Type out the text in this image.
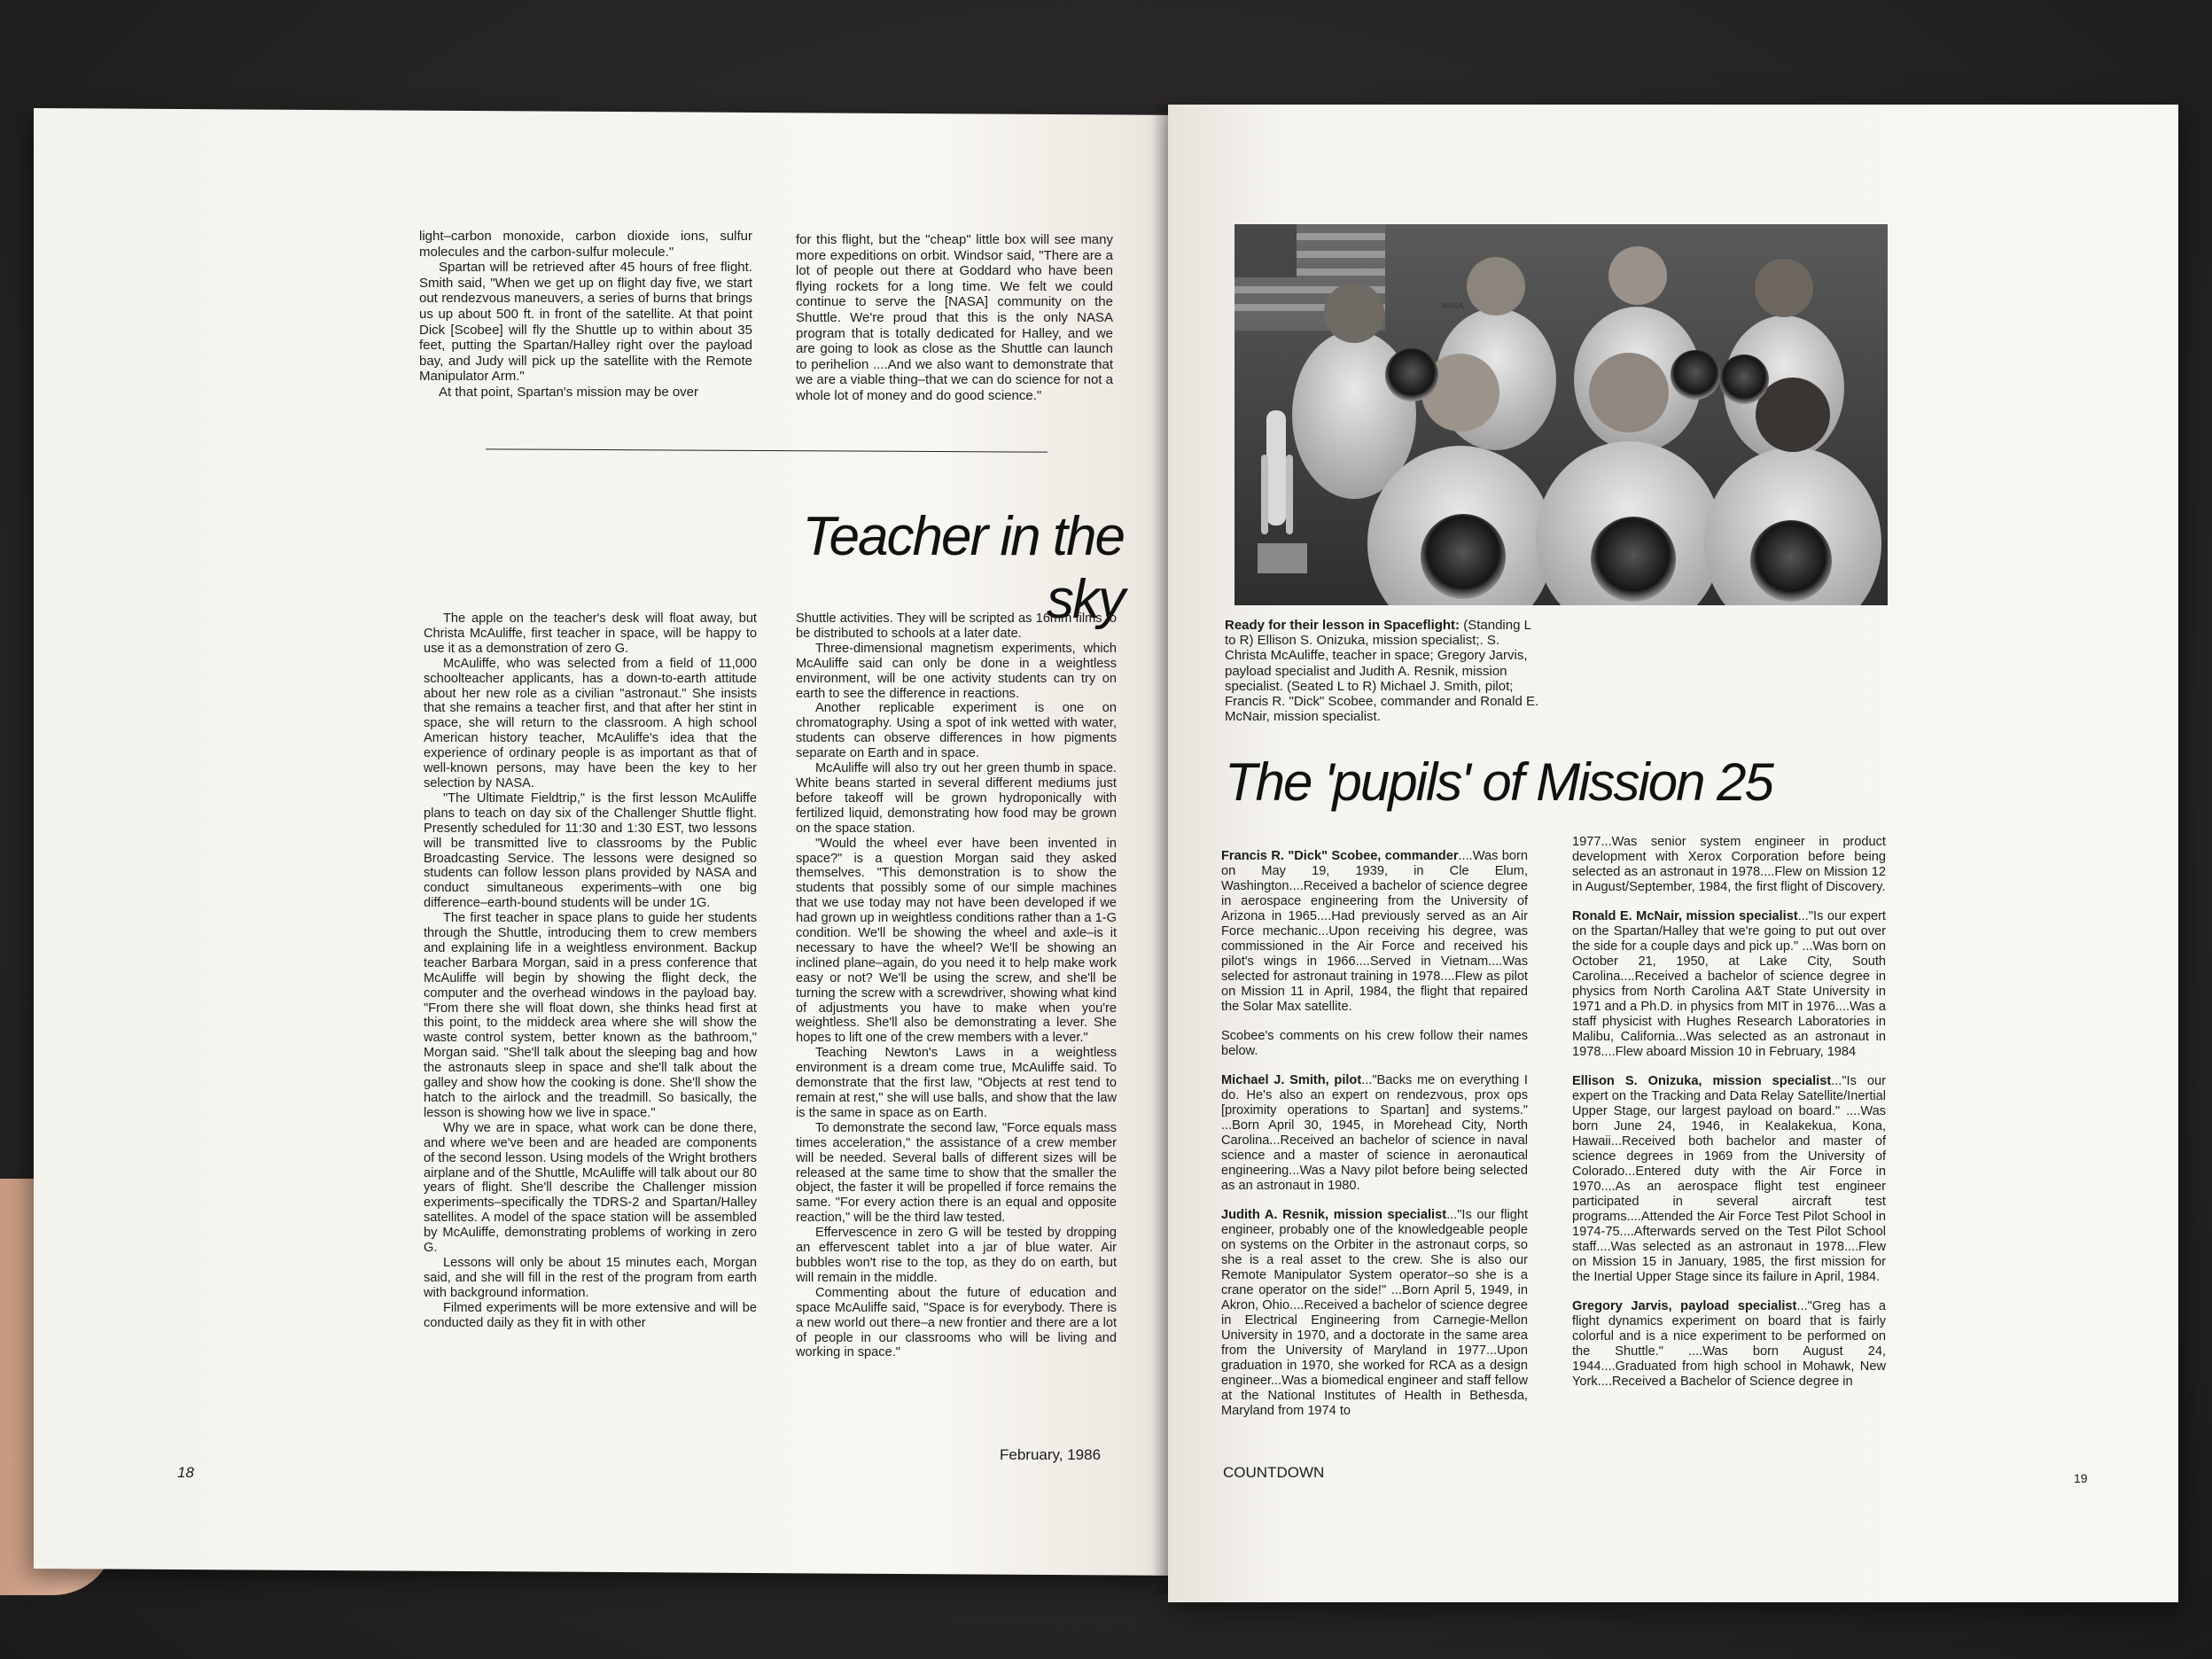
light–carbon monoxide, carbon dioxide ions, sulfur molecules and the carbon-sulfur molecule."

Spartan will be retrieved after 45 hours of free flight. Smith said, "When we get up on flight day five, we start out rendezvous maneuvers, a series of burns that brings us up about 500 ft. in front of the satellite. At that point Dick [Scobee] will fly the Shuttle up to within about 35 feet, putting the Spartan/Halley right over the payload bay, and Judy will pick up the satellite with the Remote Manipulator Arm."

At that point, Spartan's mission may be over

for this flight, but the "cheap" little box will see many more expeditions on orbit. Windsor said, "There are a lot of people out there at Goddard who have been flying rockets for a long time. We felt we could continue to serve the [NASA] community on the Shuttle. We're proud that this is the only NASA program that is totally dedicated for Halley, and we are going to look as close as the Shuttle can launch to perihelion ....And we also want to demonstrate that we are a viable thing–that we can do science for not a whole lot of money and do good science."

Teacher in the sky

The apple on the teacher's desk will float away, but Christa McAuliffe, first teacher in space, will be happy to use it as a demonstration of zero G.

McAuliffe, who was selected from a field of 11,000 schoolteacher applicants, has a down-to-earth attitude about her new role as a civilian "astronaut." She insists that she remains a teacher first, and that after her stint in space, she will return to the classroom. A high school American history teacher, McAuliffe's idea that the experience of ordinary people is as important as that of well-known persons, may have been the key to her selection by NASA.

"The Ultimate Fieldtrip," is the first lesson McAuliffe plans to teach on day six of the Challenger Shuttle flight. Presently scheduled for 11:30 and 1:30 EST, two lessons will be transmitted live to classrooms by the Public Broadcasting Service. The lessons were designed so students can follow lesson plans provided by NASA and conduct simultaneous experiments–with one big difference–earth-bound students will be under 1G.

The first teacher in space plans to guide her students through the Shuttle, introducing them to crew members and explaining life in a weightless environment. Backup teacher Barbara Morgan, said in a press conference that McAuliffe will begin by showing the flight deck, the computer and the overhead windows in the payload bay. "From there she will float down, she thinks head first at this point, to the middeck area where she will show the waste control system, better known as the bathroom," Morgan said. "She'll talk about the sleeping bag and how the astronauts sleep in space and she'll talk about the galley and show how the cooking is done. She'll show the hatch to the airlock and the treadmill. So basically, the lesson is showing how we live in space."

Why we are in space, what work can be done there, and where we've been and are headed are components of the second lesson. Using models of the Wright brothers airplane and of the Shuttle, McAuliffe will talk about our 80 years of flight. She'll describe the Challenger mission experiments–specifically the TDRS-2 and Spartan/Halley satellites. A model of the space station will be assembled by McAuliffe, demonstrating problems of working in zero G.

Lessons will only be about 15 minutes each, Morgan said, and she will fill in the rest of the program from earth with background information.

Filmed experiments will be more extensive and will be conducted daily as they fit in with other

Shuttle activities. They will be scripted as 16mm films to be distributed to schools at a later date.

Three-dimensional magnetism experiments, which McAuliffe said can only be done in a weightless environment, will be one activity students can try on earth to see the difference in reactions.

Another replicable experiment is one on chromatography. Using a spot of ink wetted with water, students can observe differences in how pigments separate on Earth and in space.

McAuliffe will also try out her green thumb in space. White beans started in several different mediums just before takeoff will be grown hydroponically with fertilized liquid, demonstrating how food may be grown on the space station.

"Would the wheel ever have been invented in space?" is a question Morgan said they asked themselves. "This demonstration is to show the students that possibly some of our simple machines that we use today may not have been developed if we had grown up in weightless conditions rather than a 1-G condition. We'll be showing the wheel and axle–is it necessary to have the wheel? We'll be showing an inclined plane–again, do you need it to help make work easy or not? We'll be using the screw, and she'll be turning the screw with a screwdriver, showing what kind of adjustments you have to make when you're weightless. She'll also be demonstrating a lever. She hopes to lift one of the crew members with a lever."

Teaching Newton's Laws in a weightless environment is a dream come true, McAuliffe said. To demonstrate that the first law, "Objects at rest tend to remain at rest," she will use balls, and show that the law is the same in space as on Earth.

To demonstrate the second law, "Force equals mass times acceleration," the assistance of a crew member will be needed. Several balls of different sizes will be released at the same time to show that the smaller the object, the faster it will be propelled if force remains the same. "For every action there is an equal and opposite reaction," will be the third law tested.

Effervescence in zero G will be tested by dropping an effervescent tablet into a jar of blue water. Air bubbles won't rise to the top, as they do on earth, but will remain in the middle.

Commenting about the future of education and space McAuliffe said, "Space is for everybody. There is a new world out there–a new frontier and there are a lot of people in our classrooms who will be living and working in space."

18
February, 1986
NASA
Ready for their lesson in Spaceflight: (Standing L to R) Ellison S. Onizuka, mission specialist;. S. Christa McAuliffe, teacher in space; Gregory Jarvis, payload specialist and Judith A. Resnik, mission specialist. (Seated L to R) Michael J. Smith, pilot; Francis R. "Dick" Scobee, commander and Ronald E. McNair, mission specialist.
The 'pupils' of Mission 25

Francis R. "Dick" Scobee, commander....Was born on May 19, 1939, in Cle Elum, Washington....Received a bachelor of science degree in aerospace engineering from the University of Arizona in 1965....Had previously served as an Air Force mechanic...Upon receiving his degree, was commissioned in the Air Force and received his pilot's wings in 1966....Served in Vietnam....Was selected for astronaut training in 1978....Flew as pilot on Mission 11 in April, 1984, the flight that repaired the Solar Max satellite.

Scobee's comments on his crew follow their names below.

Michael J. Smith, pilot..."Backs me on everything I do. He's also an expert on rendezvous, prox ops [proximity operations to Spartan] and systems." ...Born April 30, 1945, in Morehead City, North Carolina...Received an bachelor of science in naval science and a master of science in aeronautical engineering...Was a Navy pilot before being selected as an astronaut in 1980.

Judith A. Resnik, mission specialist..."Is our flight engineer, probably one of the knowledgeable people on systems on the Orbiter in the astronaut corps, so she is a real asset to the crew. She is also our Remote Manipulator System operator–so she is a crane operator on the side!" ...Born April 5, 1949, in Akron, Ohio....Received a bachelor of science degree in Electrical Engineering from Carnegie-Mellon University in 1970, and a doctorate in the same area from the University of Maryland in 1977...Upon graduation in 1970, she worked for RCA as a design engineer...Was a biomedical engineer and staff fellow at the National Institutes of Health in Bethesda, Maryland from 1974 to

1977...Was senior system engineer in product development with Xerox Corporation before being selected as an astronaut in 1978....Flew on Mission 12 in August/September, 1984, the first flight of Discovery.

Ronald E. McNair, mission specialist..."Is our expert on the Spartan/Halley that we're going to put out over the side for a couple days and pick up." ...Was born on October 21, 1950, at Lake City, South Carolina....Received a bachelor of science degree in physics from North Carolina A&T State University in 1971 and a Ph.D. in physics from MIT in 1976....Was a staff physicist with Hughes Research Laboratories in Malibu, California...Was selected as an astronaut in 1978....Flew aboard Mission 10 in February, 1984

Ellison S. Onizuka, mission specialist..."Is our expert on the Tracking and Data Relay Satellite/Inertial Upper Stage, our largest payload on board." ....Was born June 24, 1946, in Kealakekua, Kona, Hawaii...Received both bachelor and master of science degrees in 1969 from the University of Colorado...Entered duty with the Air Force in 1970....As an aerospace flight test engineer participated in several aircraft test programs....Attended the Air Force Test Pilot School in 1974-75....Afterwards served on the Test Pilot School staff....Was selected as an astronaut in 1978....Flew on Mission 15 in January, 1985, the first mission for the Inertial Upper Stage since its failure in April, 1984.

Gregory Jarvis, payload specialist..."Greg has a flight dynamics experiment on board that is fairly colorful and is a nice experiment to be performed on the Shuttle." ....Was born August 24, 1944....Graduated from high school in Mohawk, New York....Received a Bachelor of Science degree in

COUNTDOWN	19
